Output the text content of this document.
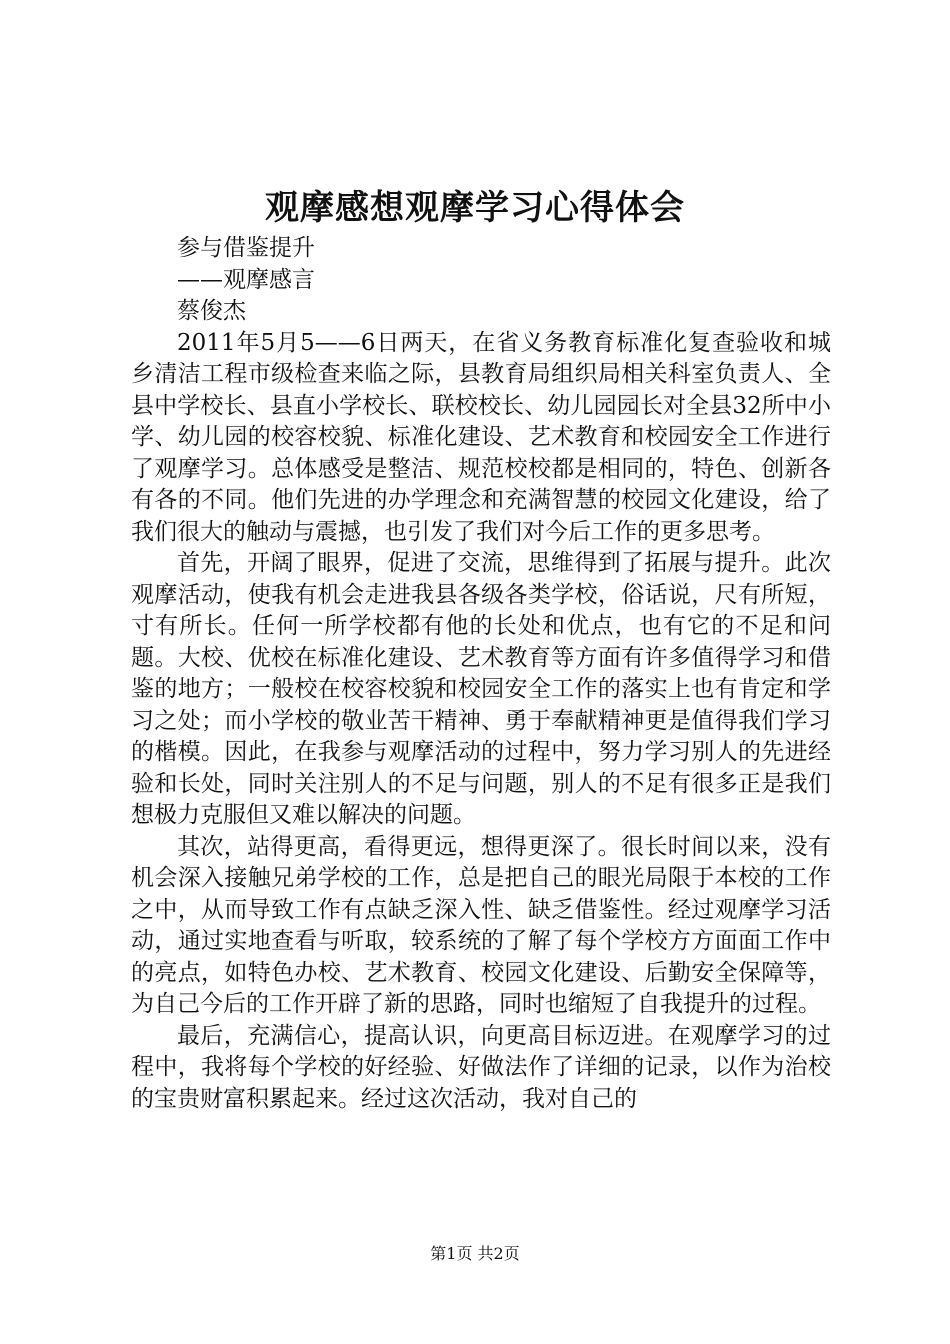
观摩感想观摩学习心得体会

参与借鉴提升

——观摩感言

蔡俊杰

2011年5月5——6日两天，在省义务教育标准化复查验收和城乡清洁工程市级检查来临之际，县教育局组织局相关科室负责人、全县中学校长、县直小学校长、联校校长、幼儿园园长对全县32所中小学、幼儿园的校容校貌、标准化建设、艺术教育和校园安全工作进行了观摩学习。总体感受是整洁、规范校校都是相同的，特色、创新各有各的不同。他们先进的办学理念和充满智慧的校园文化建设，给了我们很大的触动与震撼，也引发了我们对今后工作的更多思考。

首先，开阔了眼界，促进了交流，思维得到了拓展与提升。此次观摩活动，使我有机会走进我县各级各类学校，俗话说，尺有所短，寸有所长。任何一所学校都有他的长处和优点，也有它的不足和问题。大校、优校在标准化建设、艺术教育等方面有许多值得学习和借鉴的地方；一般校在校容校貌和校园安全工作的落实上也有肯定和学习之处；而小学校的敬业苦干精神、勇于奉献精神更是值得我们学习的楷模。因此，在我参与观摩活动的过程中，努力学习别人的先进经验和长处，同时关注别人的不足与问题，别人的不足有很多正是我们想极力克服但又难以解决的问题。

其次，站得更高，看得更远，想得更深了。很长时间以来，没有机会深入接触兄弟学校的工作，总是把自己的眼光局限于本校的工作之中，从而导致工作有点缺乏深入性、缺乏借鉴性。经过观摩学习活动，通过实地查看与听取，较系统的了解了每个学校方方面面工作中的亮点，如特色办校、艺术教育、校园文化建设、后勤安全保障等，为自己今后的工作开辟了新的思路，同时也缩短了自我提升的过程。

最后，充满信心，提高认识，向更高目标迈进。在观摩学习的过程中，我将每个学校的好经验、好做法作了详细的记录，以作为治校的宝贵财富积累起来。经过这次活动，我对自己的

第1页 共2页
